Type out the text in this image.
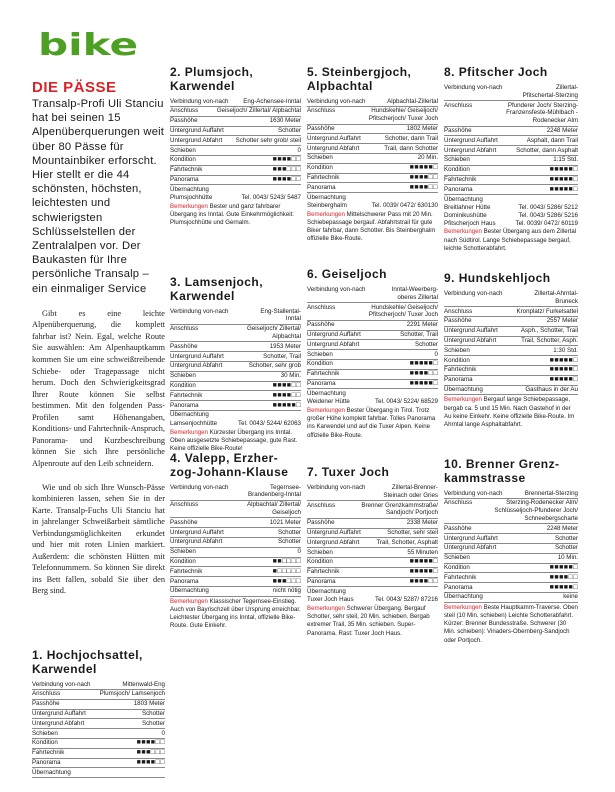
bike
DIE PÄSSE
Transalp-Profi Uli Stanciu hat bei seinen 15 Alpenüberquerungen weit über 80 Pässe für Mountainbiker erforscht. Hier stellt er die 44 schönsten, höchsten, leichtesten und schwierigsten Schlüsselstellen der Zentralalpen vor. Der Baukasten für Ihre persönliche Transalp – ein einmaliger Service

Gibt es eine leichte Alpenüberquerung, die komplett fahrbar ist? Nein. Egal, welche Route Sie auswählen: Am Alpenhauptkamm kommen Sie um eine schweißtreibende Schiebe- oder Tragepassage nicht herum. Doch den Schwierigkeitsgrad Ihrer Route können Sie selbst bestimmen. Mit den folgenden Pass-Profilen samt Höhenangaben, Konditions- und Fahrtechnik-Anspruch, Panorama- und Kurzbeschreibung können Sie sich Ihre persönliche Alpenroute auf den Leib schneidern.

Wie und ob sich Ihre Wunsch-Pässe kombinieren lassen, sehen Sie in der Karte. Transalp-Fuchs Uli Stanciu hat in jahrelanger Schweißarbeit sämtliche Verbindungsmöglichkeiten erkundet und hier mit roten Linien markiert. Außerdem: die schönsten Hütten mit Telefonnummern. So können Sie direkt ins Bett fallen, sobald Sie über den Berg sind.

1. Hochjochsattel,
Karwendel
Verbindung von-nach	Mittenwald-Eng
Anschluss	Plumsjoch/ Lamsenjoch
Passhöhe	1803 Meter
Untergrund Auffahrt	Schotter
Untergrund Abfahrt	Schotter
Schieben	0
Kondition	■■■■□□
Fahrtechnik	■■■□□□
Panorama	■■■■□□
Übernachtung
2. Plumsjoch,
Karwendel
Verbindung von-nach	Eng-Achensee-Inntal
Anschluss	Geiseljoch/ Zillertal/ Alpbachtal
Passhöhe	1630 Meter
Untergrund Auffahrt	Schotter
Untergrund Abfahrt	Schotter sehr grob/ steil
Schieben	0
Kondition	■■■■□□
Fahrtechnik	■■■□□□
Panorama	■■■■□□
Übernachtung
Plumsjochhütte	Tel. 0043/ 5243/ 5487
Bemerkungen Bester und ganz fahrbarer Übergang ins Inntal. Gute Einkehrmöglichkeit: Plumsjochhütte und Gernalm.
3. Lamsenjoch,
Karwendel
Verbindung von-nach	Eng-Stallental-
Inntal
Anschluss	Geiseljoch/ Zillertal/
Alpbachtal
Passhöhe	1953 Meter
Untergrund Auffahrt	Schotter, Trail
Untergrund Abfahrt	Schotter, sehr grob
Schieben	30 Min.
Kondition	■■■■□□
Fahrtechnik	■■■■□□
Panorama	■■■■■□
Übernachtung
Lamsenjochhütte	Tel. 0043/ 5244/ 62063
Bemerkungen Kürzester Übergang ins Inntal. Oben ausgesetzte Schiebepassage, gute Rast. Keine offizielle Bike-Route!
4. Valepp, Erzher-
zog-Johann-Klause
Verbindung von-nach	Tegernsee-
Brandenberg-Inntal
Anschluss	Alpbachtal/ Zillertal/
Geiseljoch
Passhöhe	1021 Meter
Untergrund Auffahrt	Schotter
Untergrund Abfahrt	Schotter
Schieben	0
Kondition	■■□□□□
Fahrtechnik	■□□□□□
Panorama	■■■□□□
Übernachtung	nicht nötig
Bemerkungen Klassischer Tegernsee-Einstieg. Auch von Bayrischzell über Ursprung erreichbar. Leichtester Übergang ins Inntal, offizielle Bike-Route. Gute Einkehr.
5. Steinbergjoch,
Alpbachtal
Verbindung von-nach	Alpbachtal-Zillertal
Anschluss	Hundskehle/ Geiseljoch/
Pfitscherjoch/ Tuxer Joch
Passhöhe	1802 Meter
Untergrund Auffahrt	Schotter, dann Trail
Untergrund Abfahrt	Trail, dann Schotter
Schieben	20 Min.
Kondition	■■■■■□
Fahrtechnik	■■■■□□
Panorama	■■■■□□
Übernachtung
Steinberghalm	Tel. 0039/ 0472/ 630130
Bemerkungen Mittelschwerer Pass mit 20 Min. Schiebepassage bergauf. Abfahrtstrail für gute Biker fahrbar, dann Schotter. Bis Steinberghalm offizielle Bike-Route.
6. Geiseljoch
Verbindung von-nach	Inntal-Weerberg-
oberes Zillertal
Anschluss	Hundskehle/ Geiseljoch/
Pfitscherjoch/ Tuxer Joch
Passhöhe	2291 Meter
Untergrund Auffahrt	Schotter, Trail
Untergrund Abfahrt	Schotter
Schieben	0
Kondition	■■■■■□
Fahrtechnik	■■■■□□
Panorama	■■■■■□
Übernachtung
Weidener Hütte	Tel. 0043/ 5224/ 68529
Bemerkungen Bester Übergang in Tirol. Trotz großer Höhe komplett fahrbar. Tolles Panorama ins Karwendel und auf die Tuxer Alpen. Keine offizielle Bike-Route.
7. Tuxer Joch
Verbindung von-nach	Zillertal-Brenner-
Steinach oder Gries
Anschluss	Brenner Grenzkammstraße/
Sandjoch/ Portjoch
Passhöhe	2338 Meter
Untergrund Auffahrt	Schotter, sehr steil
Untergrund Abfahrt	Trail, Schotter, Asphalt
Schieben	55 Minuten
Kondition	■■■■■□
Fahrtechnik	■■■■■□
Panorama	■■■■□□
Übernachtung
Tuxer Joch Haus	Tel. 0043/ 5287/ 87216
Bemerkungen Schwerer Übergang. Bergauf Schotter, sehr steil, 20 Min. schieben. Bergab extremer Trail, 35 Min. schieben. Super-Panorama. Rast: Tuxer Joch Haus.
8. Pfitscher Joch
Verbindung von-nach	Zillertal-
Pfitschertal-Sterzing
Anschluss	Pfunderer Joch/ Sterzing-
Franzensfeste-Mühlbach -Rodenecker Alm
Passhöhe	2248 Meter
Untergrund Auffahrt	Asphalt, dann Trail
Untergrund Abfahrt	Schotter, dann Asphalt
Schieben	1:15 Std.
Kondition	■■■■■□
Fahrtechnik	■■■■■□
Panorama	■■■■■□
Übernachtung
Breitlahner Hütte	Tel. 0043/ 5286/ 5212
Dominikushütte	Tel. 0043/ 5286/ 5216
Pfitscherjoch Haus	Tel. 0039/ 0472/ 60119
Bemerkungen Bester Übergang aus dem Zillertal nach Südtirol. Lange Schiebepassage bergauf, leichte Schotterabfahrt.
9. Hundskehljoch
Verbindung von-nach	Zillertal-Ahrntal-
Bruneck
Anschluss	Kronplatz/ Furkelsattel
Passhöhe	2557 Meter
Untergrund Auffahrt	Asph., Schotter, Trail
Untergrund Abfahrt	Trail, Schotter, Asph.
Schieben	1:30 Std.
Kondition	■■■■■□
Fahrtechnik	■■■■■□
Panorama	■■■■■□
Übernachtung	Gasthaus in der Au
Bemerkungen Bergauf lange Schiebepassage, bergab ca. 5 und 15 Min. Nach Gastehof in der Au keine Einkehr. Keine offizielle Bike-Route. Im Ahrntal lange Asphaltabfahrt.
10. Brenner Grenz-
kammstrasse
Verbindung von-nach	Brennertal-Sterzing
Anschluss	Sterzing-Rodenecker Alm/
Schlüsseljoch-Pfunderer Joch/
Schneebergscharte
Passhöhe	2248 Meter
Untergrund Auffahrt	Schotter
Untergrund Abfahrt	Schotter
Schieben	10 Min.
Kondition	■■■■■□
Fahrtechnik	■■■■□□
Panorama	■■■■■□
Übernachtung	keine
Bemerkungen Beste Hauptkamm-Traverse. Oben steil (10 Min. schieben) Leichte Schotterabfahrt. Kürzer: Brenner Bundesstraße. Schwerer (30 Min. schieben): Vinaders-Obernberg-Sandjoch oder Portjoch.
